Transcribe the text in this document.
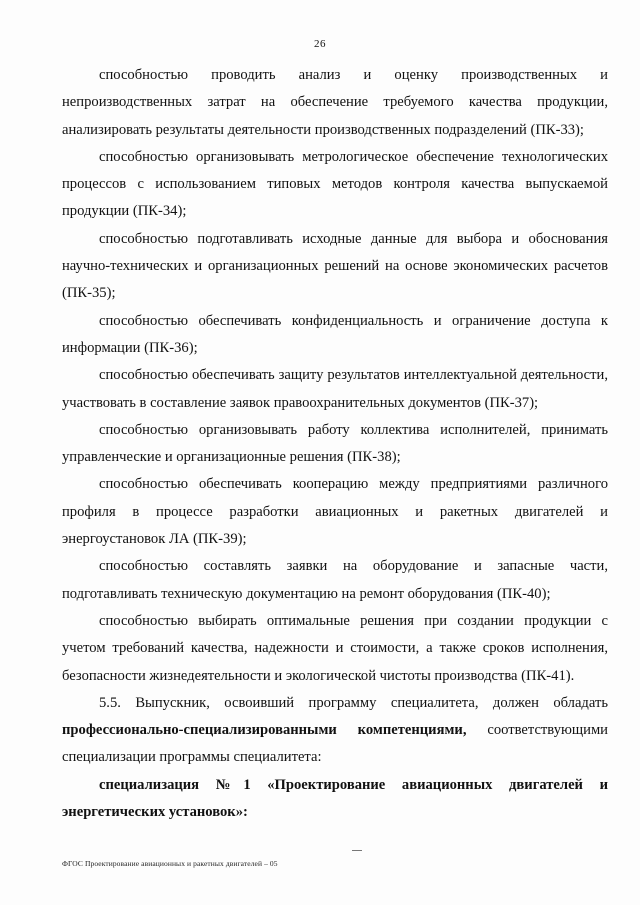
26

способностью проводить анализ и оценку производственных и непроизводственных затрат на обеспечение требуемого качества продукции, анализировать результаты деятельности производственных подразделений (ПК-33);

способностью организовывать метрологическое обеспечение технологических процессов с использованием типовых методов контроля качества выпускаемой продукции (ПК-34);

способностью подготавливать исходные данные для выбора и обоснования научно-технических и организационных решений на основе экономических расчетов (ПК-35);

способностью обеспечивать конфиденциальность и ограничение доступа к информации (ПК-36);

способностью обеспечивать защиту результатов интеллектуальной деятельности, участвовать в составление заявок правоохранительных документов (ПК-37);

способностью организовывать работу коллектива исполнителей, принимать управленческие и организационные решения (ПК-38);

способностью обеспечивать кооперацию между предприятиями различного профиля в процессе разработки авиационных и ракетных двигателей и энергоустановок ЛА (ПК-39);

способностью составлять заявки на оборудование и запасные части, подготавливать техническую документацию на ремонт оборудования (ПК-40);

способностью выбирать оптимальные решения при создании продукции с учетом требований качества, надежности и стоимости, а также сроков исполнения, безопасности жизнедеятельности и экологической чистоты производства (ПК-41).

5.5. Выпускник, освоивший программу специалитета, должен обладать профессионально-специализированными компетенциями, соответствующими специализации программы специалитета:

специализация №1 «Проектирование авиационных двигателей и энергетических установок»:

ФГОС Проектирование авиационных и ракетных двигателей – 05
